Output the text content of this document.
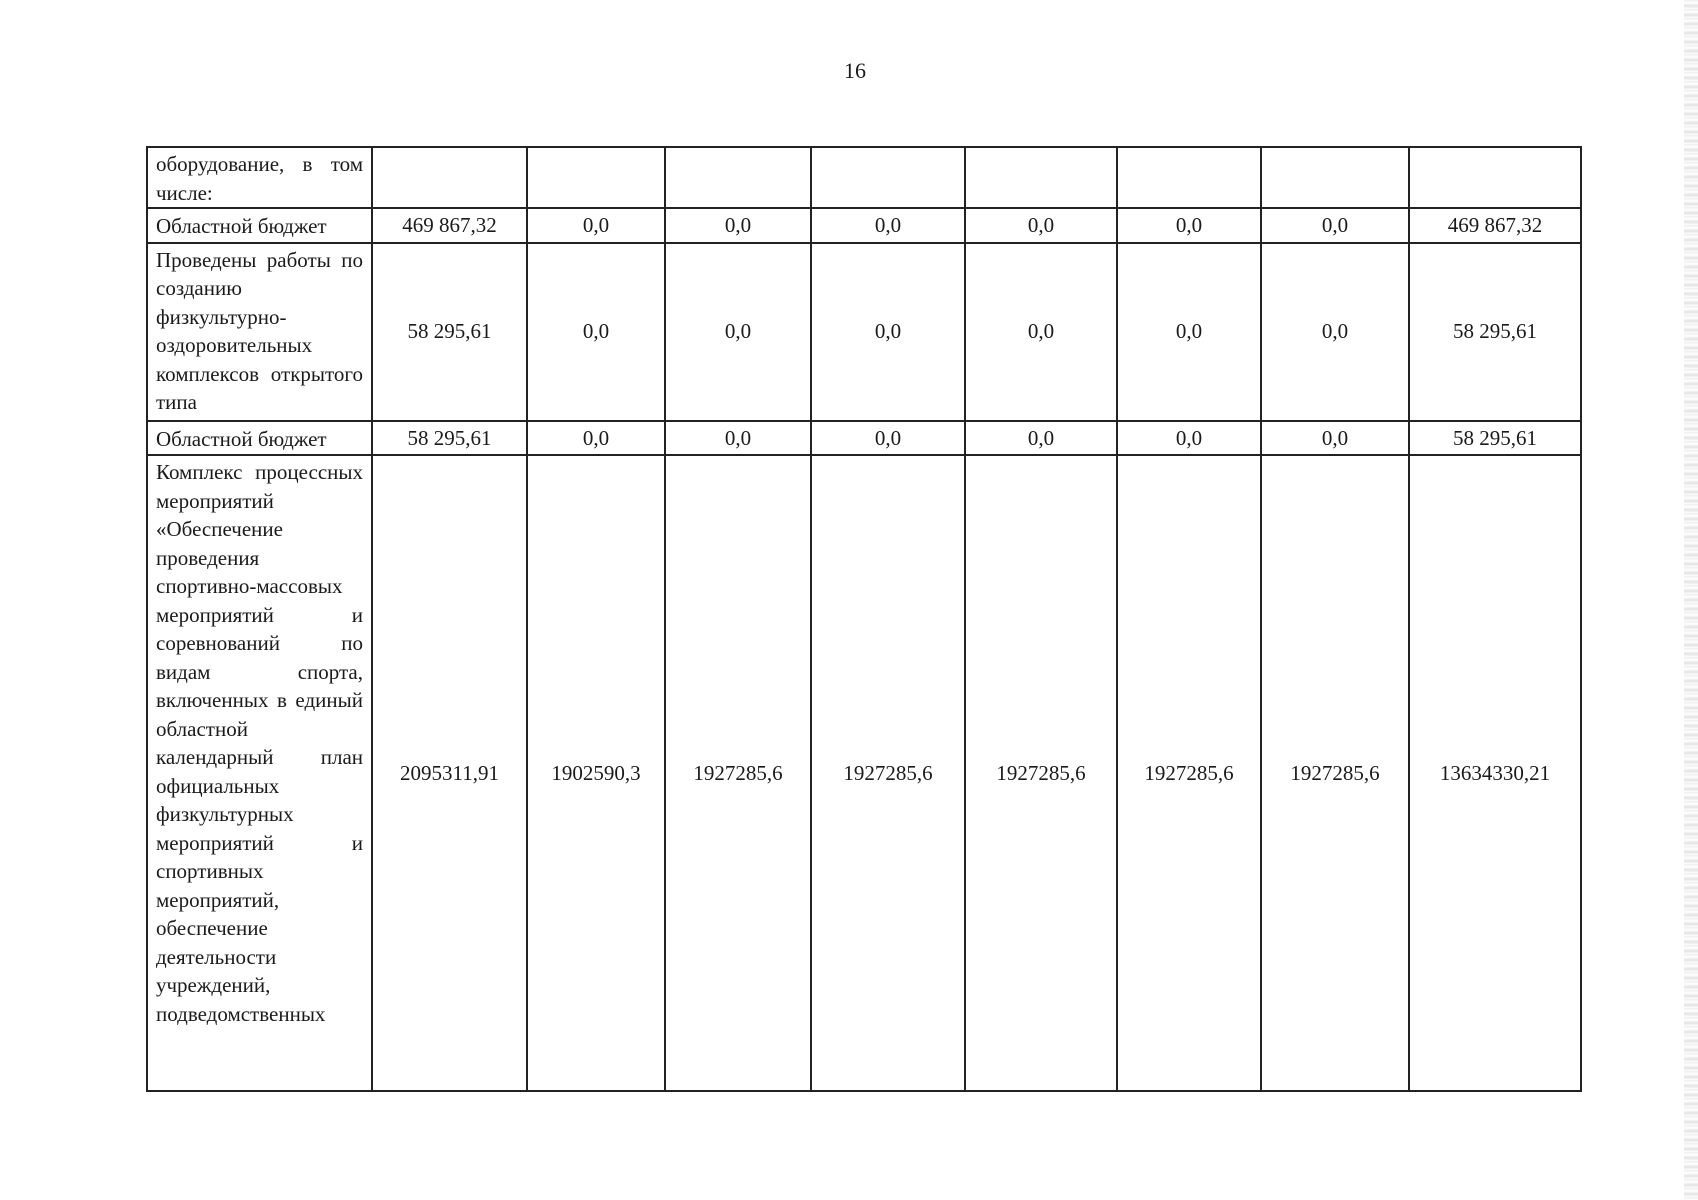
16
оборудование, в том числе:								
Областной бюджет	469 867,32	0,0	0,0	0,0	0,0	0,0	0,0	469 867,32
Проведены работы по созданию физкультурно-оздоровительных комплексов открытого типа	58 295,61	0,0	0,0	0,0	0,0	0,0	0,0	58 295,61
Областной бюджет	58 295,61	0,0	0,0	0,0	0,0	0,0	0,0	58 295,61
Комплекс процессных мероприятий «Обеспечение проведения спортивно-массовых мероприятий и соревнований по видам спорта, включенных в единый областной календарный план официальных физкультурных мероприятий и спортивных мероприятий, обеспечение деятельности учреждений, подведомственных	2095311,91	1902590,3	1927285,6	1927285,6	1927285,6	1927285,6	1927285,6	13634330,21
